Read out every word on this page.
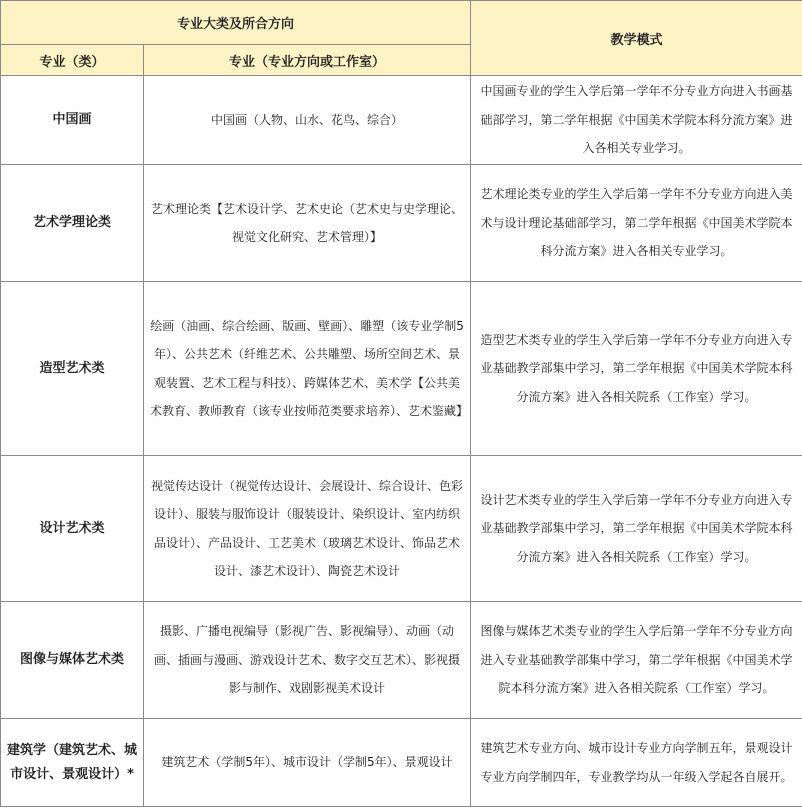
专业大类及所合方向		教学模式
专业（类）	专业（专业方向或工作室）	
中国画	中国画（人物、山水、花鸟、综合）	中国画专业的学生入学后第一学年不分专业方向进入书画基础部学习，第二学年根据《中国美术学院本科分流方案》进入各相关专业学习。
艺术学理论类	艺术理论类【艺术设计学、艺术史论（艺术史与史学理论、视觉文化研究、艺术管理）】	艺术理论类专业的学生入学后第一学年不分专业方向进入美术与设计理论基础部学习，第二学年根据《中国美术学院本科分流方案》进入各相关专业学习。
造型艺术类	绘画（油画、综合绘画、版画、壁画）、雕塑（该专业学制5年）、公共艺术（纤维艺术、公共雕塑、场所空间艺术、景观装置、艺术工程与科技）、跨媒体艺术、美术学【公共美术教育、教师教育（该专业按师范类要求培养）、艺术鉴藏】	造型艺术类专业的学生入学后第一学年不分专业方向进入专业基础教学部集中学习，第二学年根据《中国美术学院本科分流方案》进入各相关院系（工作室）学习。
设计艺术类	视觉传达设计（视觉传达设计、会展设计、综合设计、色彩设计）、服装与服饰设计（服装设计、染织设计、室内纺织品设计）、产品设计、工艺美术（玻璃艺术设计、饰品艺术设计、漆艺术设计）、陶瓷艺术设计	设计艺术类专业的学生入学后第一学年不分专业方向进入专业基础教学部集中学习，第二学年根据《中国美术学院本科分流方案》进入各相关院系（工作室）学习。
图像与媒体艺术类	摄影、广播电视编导（影视广告、影视编导）、动画（动画、插画与漫画、游戏设计艺术、数字交互艺术）、影视摄影与制作、戏剧影视美术设计	图像与媒体艺术类专业的学生入学后第一学年不分专业方向进入专业基础教学部集中学习，第二学年根据《中国美术学院本科分流方案》进入各相关院系（工作室）学习。
建筑学（建筑艺术、城市设计、景观设计）*	建筑艺术（学制5年）、城市设计（学制5年）、景观设计	建筑艺术专业方向、城市设计专业方向学制五年，景观设计专业方向学制四年，专业教学均从一年级入学起各自展开。
